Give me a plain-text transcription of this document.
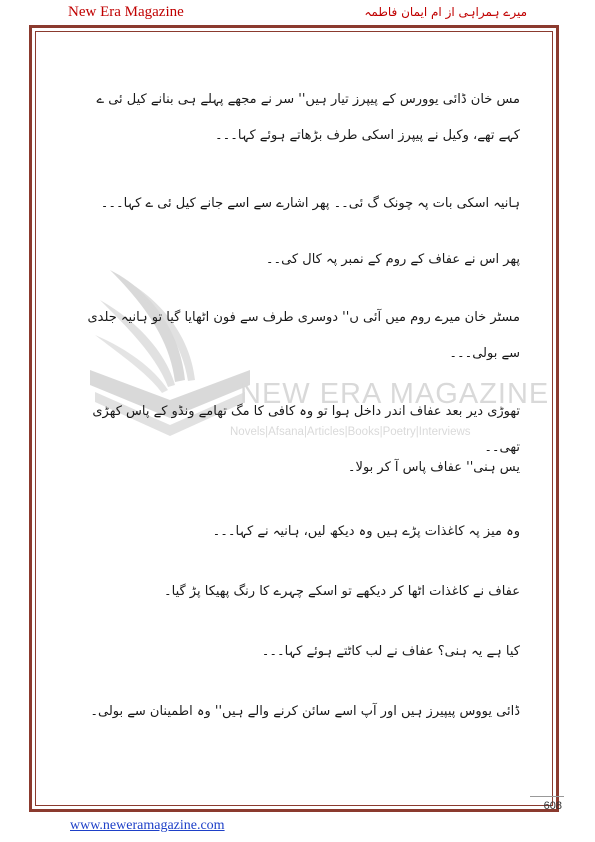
New Era Magazine	میرے ہمراہی از ام ایمان فاطمہ
NEW ERA MAGAZINE
Novels|Afsana|Articles|Books|Poetry|Interviews

مس خان ڈائی یوورس کے پیپرز تیار ہیں'' سر نے مجھے پہلے ہی بنانے کیل ئی ے کہے تھے، وکیل نے پیپرز اسکی طرف بڑھاتے ہوئے کہا۔۔۔

ہانیہ اسکی بات پہ چونک گ ئی۔۔ پھر اشارے سے اسے جانے کیل ئی ے کہا۔۔۔

پھر اس نے عفاف کے روم کے نمبر پہ کال کی۔۔

مسٹر خان میرے روم میں آئی ں'' دوسری طرف سے فون اٹھایا گیا تو ہانیہ جلدی سے بولی۔۔۔

تھوڑی دیر بعد عفاف اندر داخل ہوا تو وہ کافی کا مگ تھامے ونڈو کے پاس کھڑی تھی۔۔

یس ہنی'' عفاف پاس آ کر بولا۔

وہ میز پہ کاغذات پڑے ہیں وہ دیکھ لیں، ہانیہ نے کہا۔۔۔

عفاف نے کاغذات اٹھا کر دیکھے تو اسکے چہرے کا رنگ پھیکا پڑ گیا۔

کیا ہے یہ ہنی؟ عفاف نے لب کاٹتے ہوئے کہا۔۔۔

ڈائی یووس پیپیرز ہیں اور آپ اسے سائن کرنے والے ہیں'' وہ اطمینان سے بولی۔

608
www.neweramagazine.com
